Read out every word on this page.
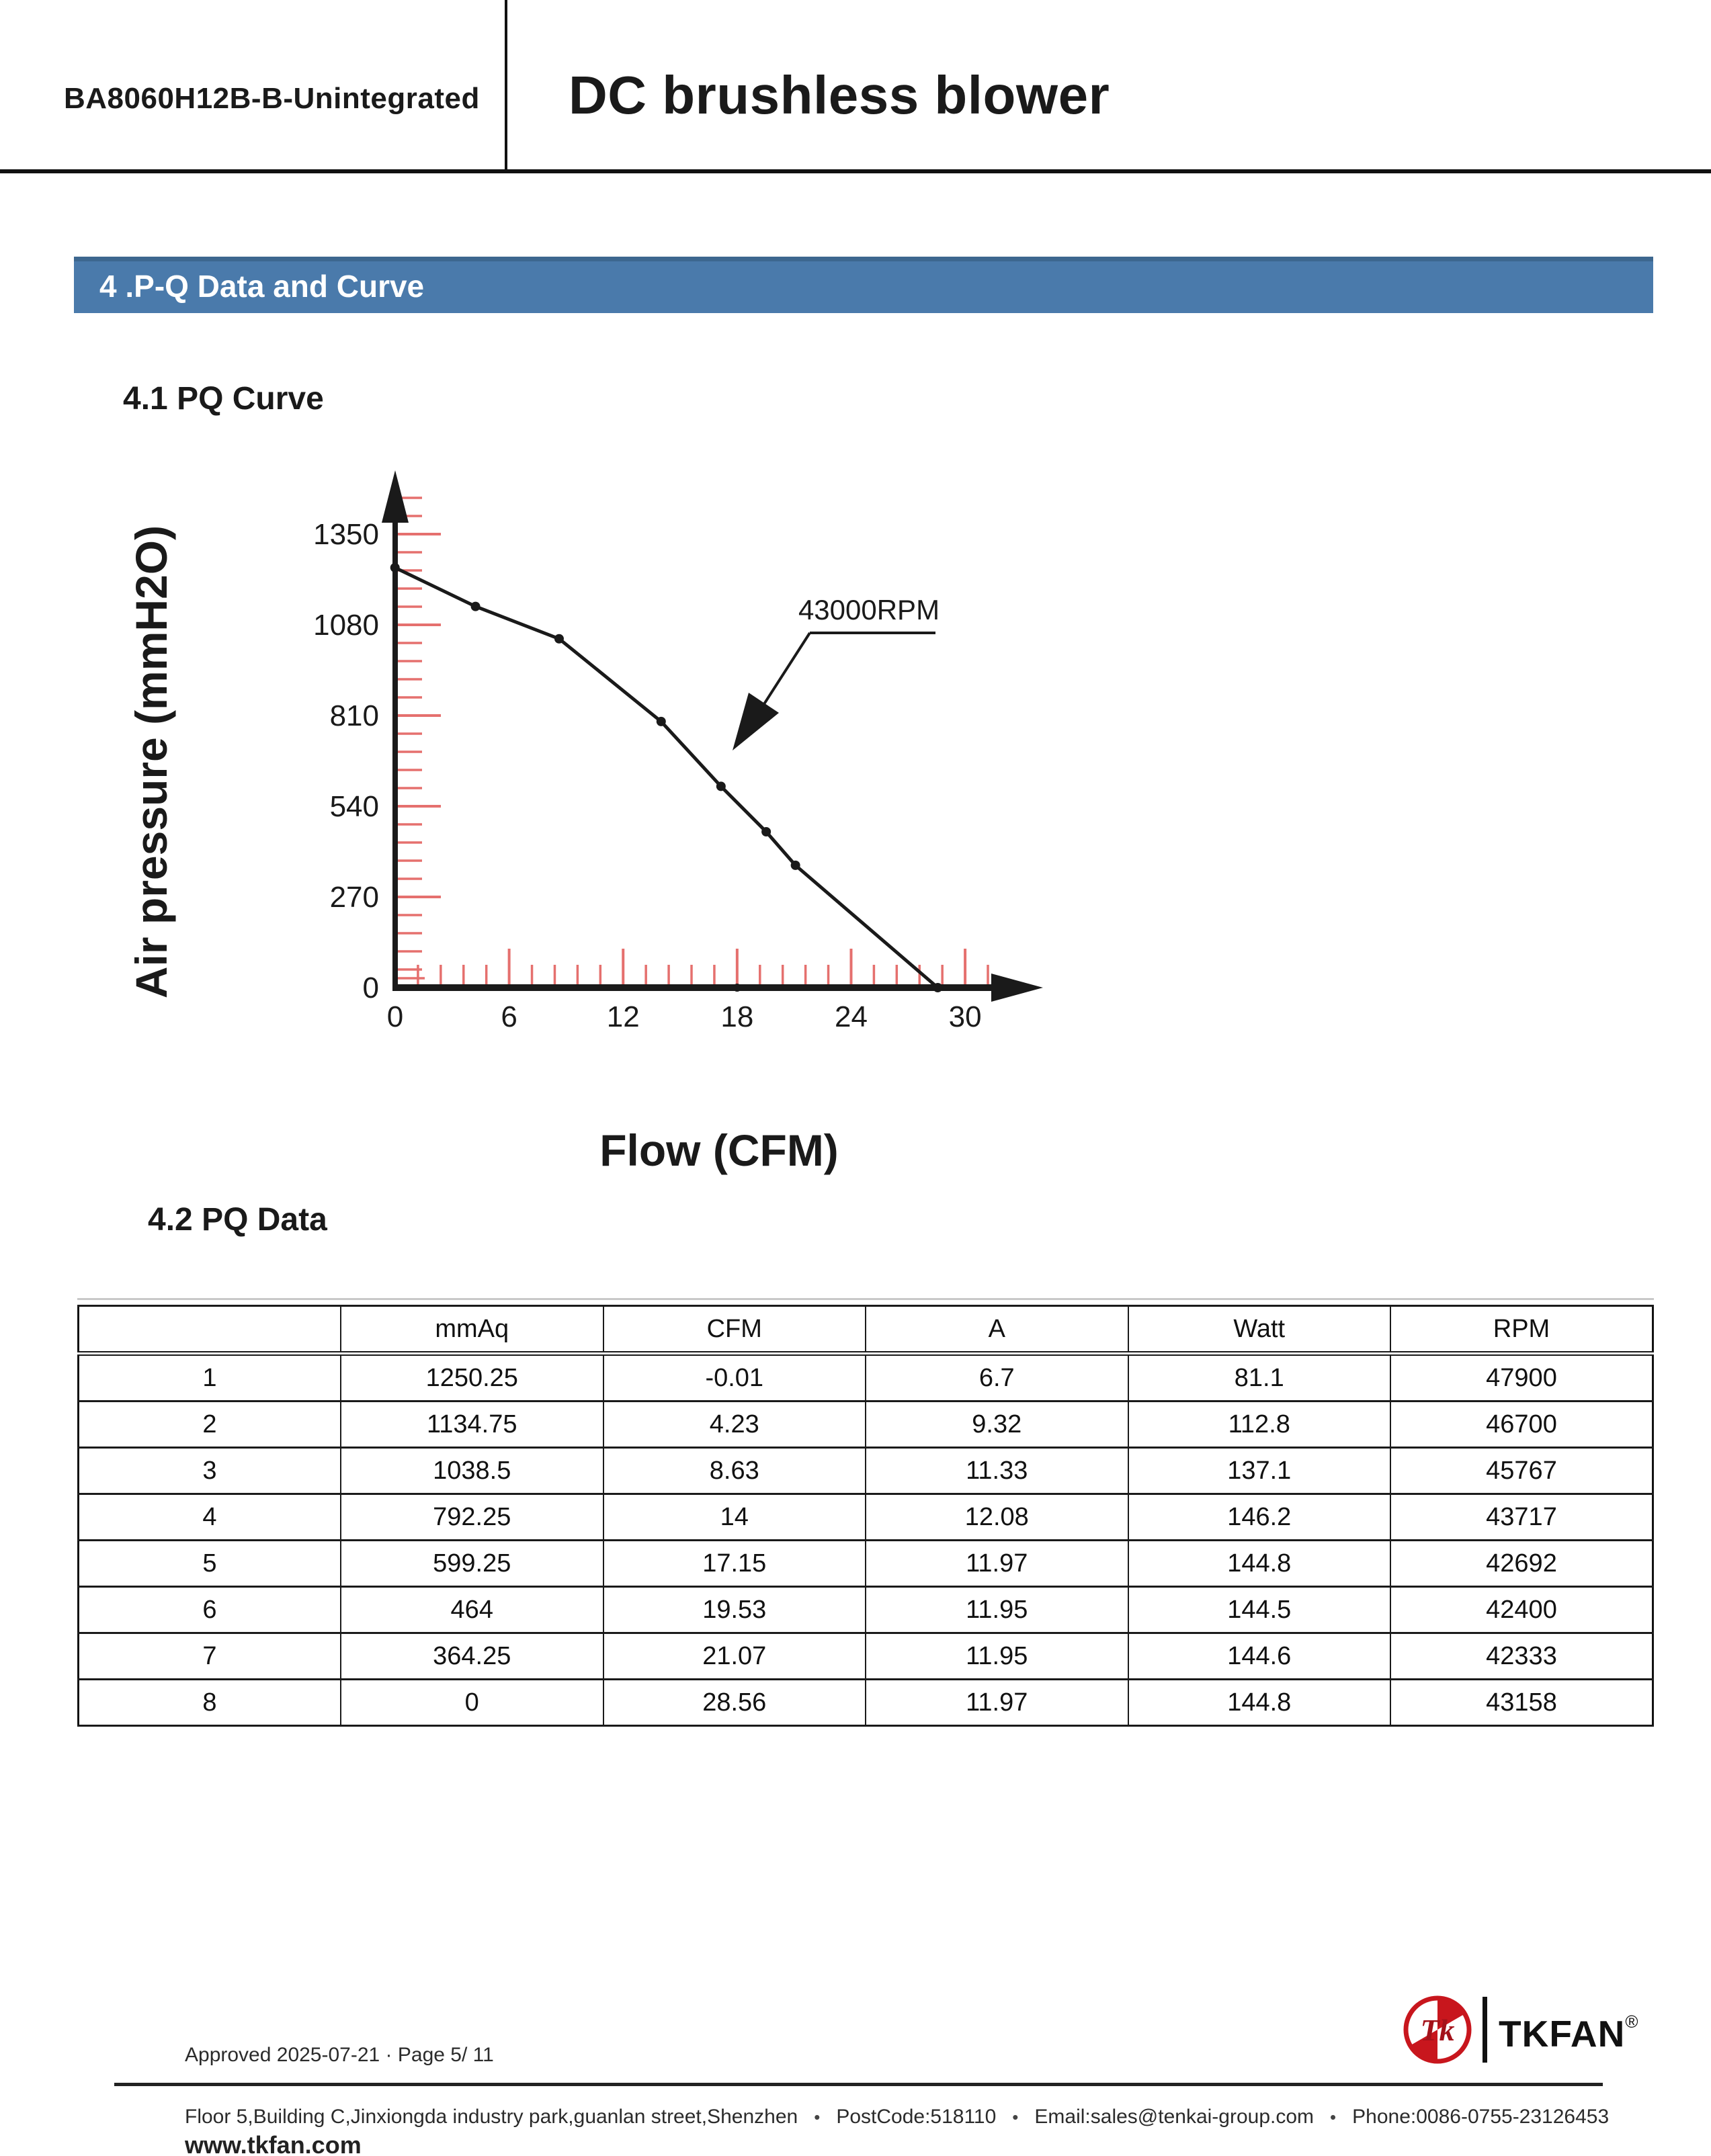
BA8060H12B-B-Unintegrated DC brushless blower
4 .P-Q Data and Curve
4.1 PQ Curve
4.2 PQ Data
0	6	12	18	24	30
0
270
540
810
1080
1350
43000RPM
Air pressure (mmH2O)
Flow (CFM)
	mmAq	CFM	A	Watt	RPM
1	1250.25	-0.01	6.7	81.1	47900
2	1134.75	4.23	9.32	112.8	46700
3	1038.5	8.63	11.33	137.1	45767
4	792.25	14	12.08	146.2	43717
5	599.25	17.15	11.97	144.8	42692
6	464	19.53	11.95	144.5	42400
7	364.25	21.07	11.95	144.6	42333
8	0	28.56	11.97	144.8	43158
Approved 2025-07-21 · Page 5/ 11
Tk TKFAN®
Floor 5,Building C,Jinxiongda industry park,guanlan street,Shenzhen • PostCode:518110 • Email:sales@tenkai-group.com • Phone:0086-0755-23126453
www.tkfan.com
